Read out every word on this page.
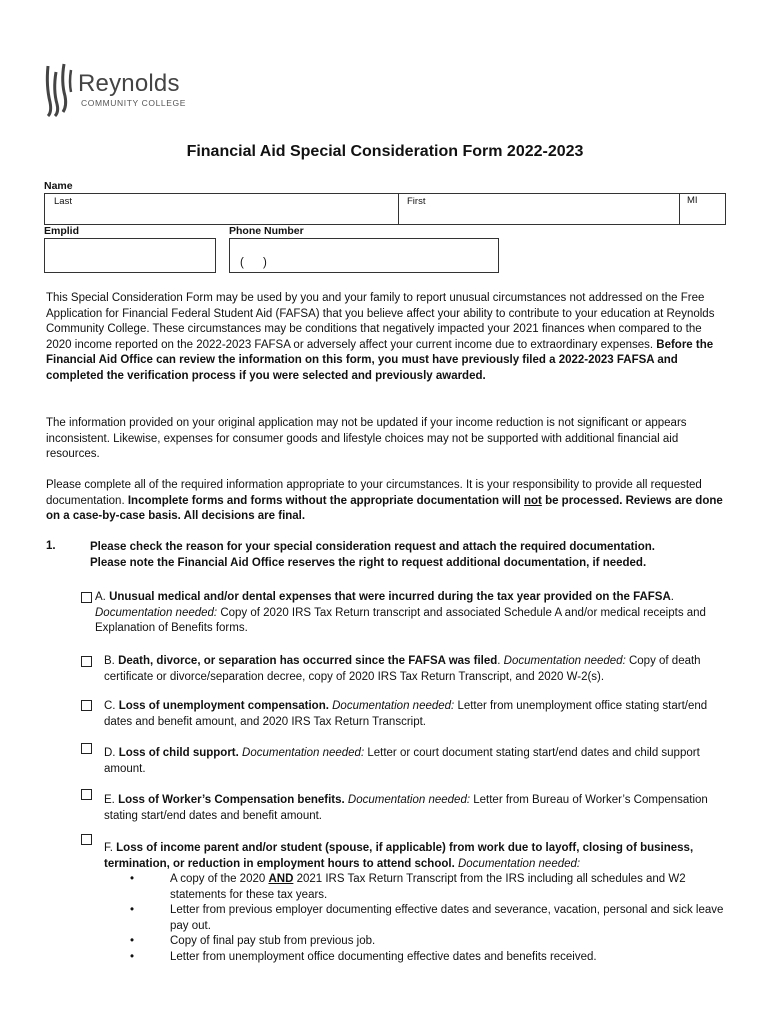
Reynolds
COMMUNITY COLLEGE
Financial Aid Special Consideration Form 2022-2023
Name
Last	First	MI
Emplid	Phone Number
(      )
This Special Consideration Form may be used by you and your family to report unusual circumstances not addressed on the Free Application for Financial Federal Student Aid (FAFSA) that you believe affect your ability to contribute to your education at Reynolds Community College. These circumstances may be conditions that negatively impacted your 2021 finances when compared to the 2020 income reported on the 2022-2023 FAFSA or adversely affect your current income due to extraordinary expenses. Before the Financial Aid Office can review the information on this form, you must have previously filed a 2022-2023 FAFSA and completed the verification process if you were selected and previously awarded.
The information provided on your original application may not be updated if your income reduction is not significant or appears inconsistent. Likewise, expenses for consumer goods and lifestyle choices may not be supported with additional financial aid resources.
Please complete all of the required information appropriate to your circumstances. It is your responsibility to provide all requested documentation. Incomplete forms and forms without the appropriate documentation will not be processed. Reviews are done on a case-by-case basis. All decisions are final.
1.	Please check the reason for your special consideration request and attach the required documentation.
Please note the Financial Aid Office reserves the right to request additional documentation, if needed.
A. Unusual medical and/or dental expenses that were incurred during the tax year provided on the FAFSA. Documentation needed: Copy of 2020 IRS Tax Return transcript and associated Schedule A and/or medical receipts and Explanation of Benefits forms.
B. Death, divorce, or separation has occurred since the FAFSA was filed. Documentation needed: Copy of death certificate or divorce/separation decree, copy of 2020 IRS Tax Return Transcript, and 2020 W-2(s).
C. Loss of unemployment compensation. Documentation needed: Letter from unemployment office stating start/end dates and benefit amount, and 2020 IRS Tax Return Transcript.
D. Loss of child support. Documentation needed: Letter or court document stating start/end dates and child support amount.
E. Loss of Worker’s Compensation benefits. Documentation needed: Letter from Bureau of Worker’s Compensation stating start/end dates and benefit amount.
F. Loss of income parent and/or student (spouse, if applicable) from work due to layoff, closing of business, termination, or reduction in employment hours to attend school. Documentation needed:
• A copy of the 2020 AND 2021 IRS Tax Return Transcript from the IRS including all schedules and W2 statements for these tax years.
• Letter from previous employer documenting effective dates and severance, vacation, personal and sick leave pay out.
• Copy of final pay stub from previous job.
• Letter from unemployment office documenting effective dates and benefits received.
